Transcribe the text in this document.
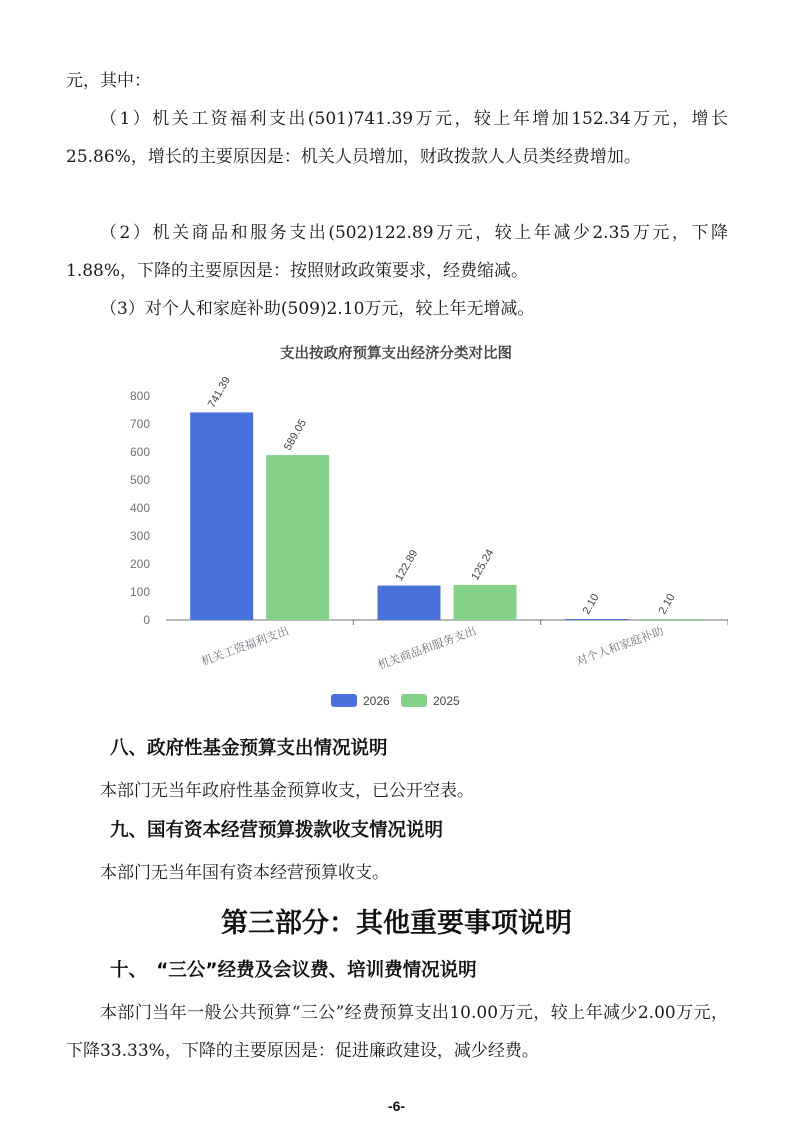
元，其中：

（1）机关工资福利支出(501)741.39万元，较上年增加152.34万元，增长25.86%，增长的主要原因是：机关人员增加，财政拨款人人员类经费增加。

（2）机关商品和服务支出(502)122.89万元，较上年减少2.35万元，下降1.88%，下降的主要原因是：按照财政政策要求，经费缩减。

（3）对个人和家庭补助(509)2.10万元，较上年无增减。

支出按政府预算支出经济分类对比图
0
100
200
300
400
500
600
700
800	741.39
589.05
122.89	125.24
2.10	2.10
机关工资福利支出	机关商品和服务支出	对个人和家庭补助
2026	2025
八、政府性基金预算支出情况说明

本部门无当年政府性基金预算收支，已公开空表。

九、国有资本经营预算拨款收支情况说明

本部门无当年国有资本经营预算收支。

第三部分：其他重要事项说明
十、　“三公”经费及会议费、培训费情况说明

本部门当年一般公共预算“三公”经费预算支出10.00万元，较上年减少2.00万元，下降33.33%，下降的主要原因是：促进廉政建设，减少经费。

-6-
